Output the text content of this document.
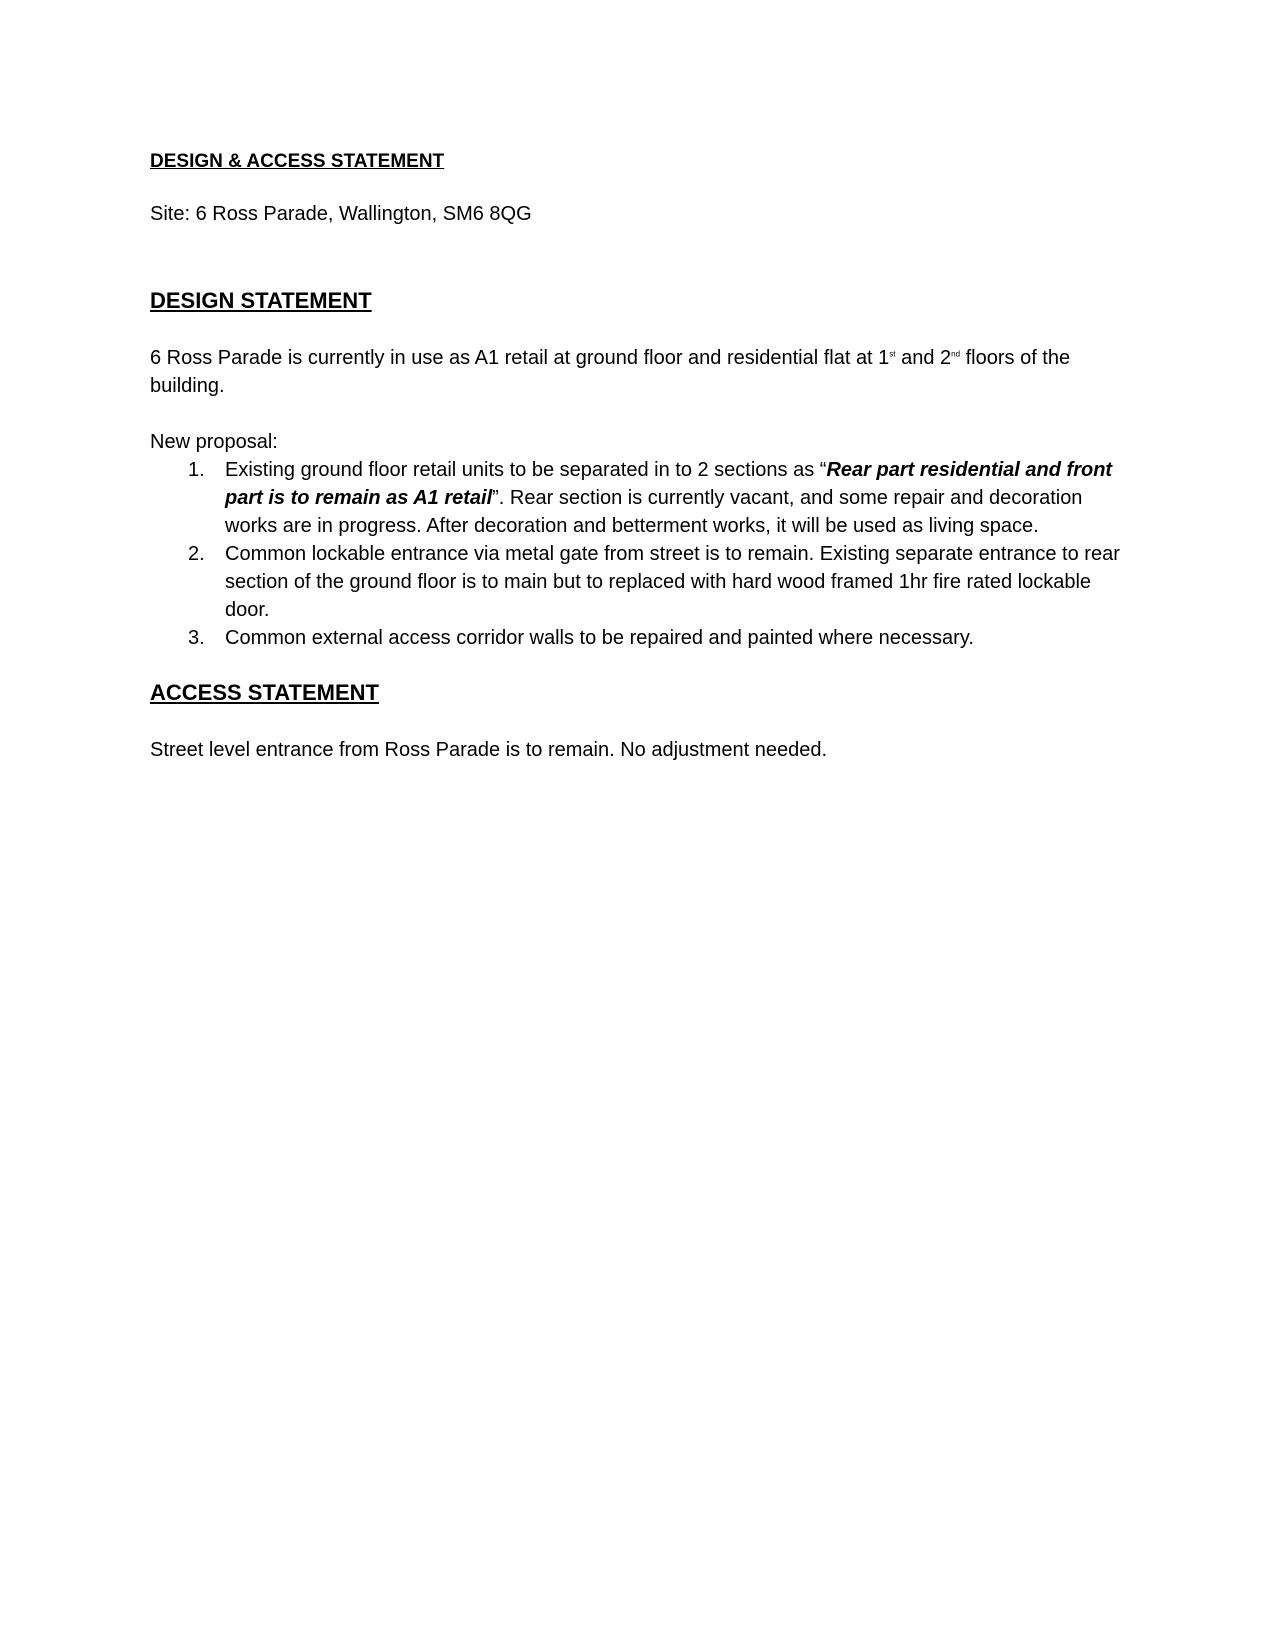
DESIGN & ACCESS STATEMENT

Site: 6 Ross Parade, Wallington, SM6 8QG

DESIGN STATEMENT

6 Ross Parade is currently in use as A1 retail at ground floor and residential flat at 1st and 2nd floors of the building.

New proposal:

1. Existing ground floor retail units to be separated in to 2 sections as “Rear part residential and front part is to remain as A1 retail”. Rear section is currently vacant, and some repair and decoration works are in progress. After decoration and betterment works, it will be used as living space.
2. Common lockable entrance via metal gate from street is to remain. Existing separate entrance to rear section of the ground floor is to main but to replaced with hard wood framed 1hr fire rated lockable door.
3. Common external access corridor walls to be repaired and painted where necessary.

ACCESS STATEMENT

Street level entrance from Ross Parade is to remain. No adjustment needed.
